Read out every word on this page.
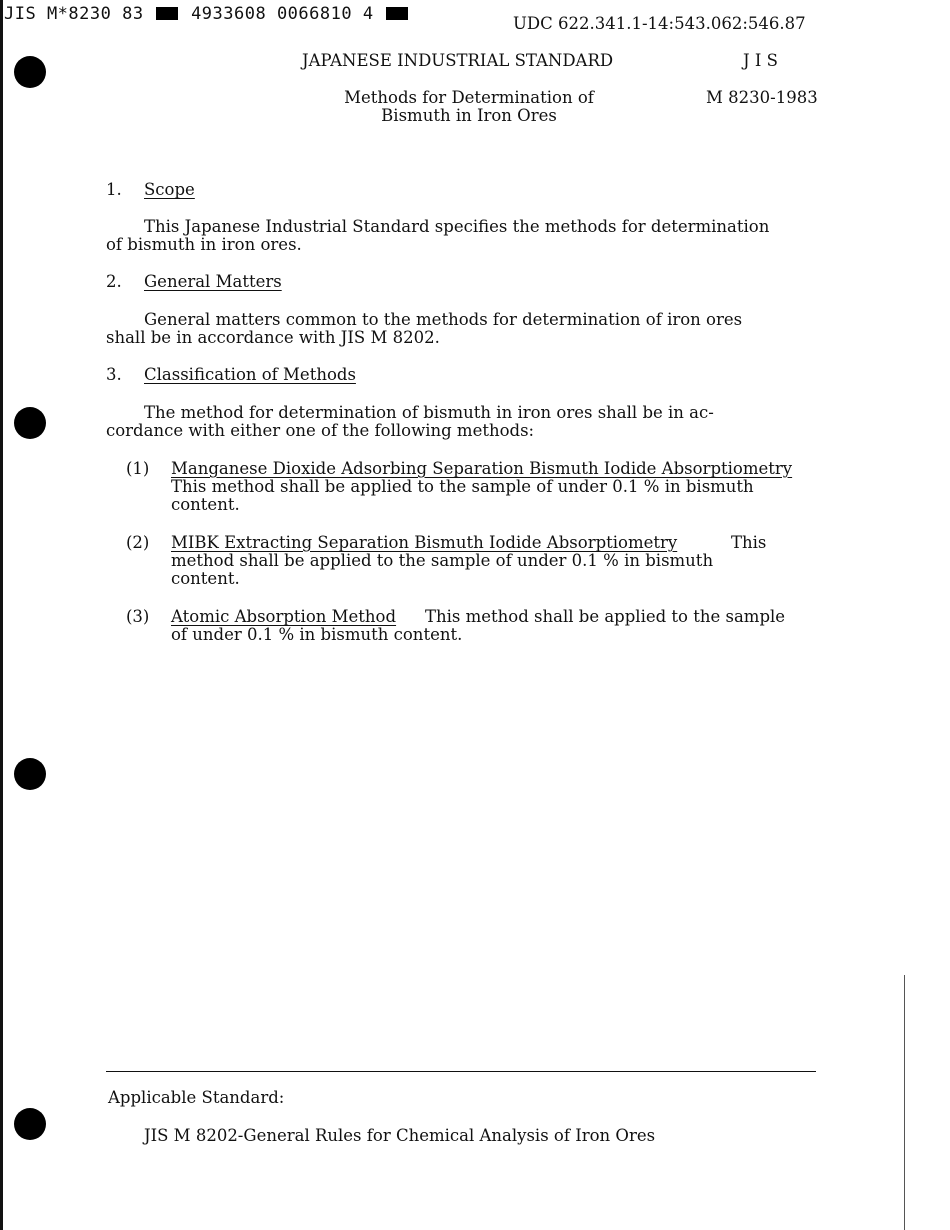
JIS M*8230 83	4933608 0066810 4	UDC 622.341.1-14:543.062:546.87
JAPANESE INDUSTRIAL STANDARD	J I S
Methods for Determination of
Bismuth in Iron Ores
M 8230-1983
1. Scope
This Japanese Industrial Standard specifies the methods for determination
of bismuth in iron ores.
2. General Matters
General matters common to the methods for determination of iron ores
shall be in accordance with JIS M 8202.
3. Classification of Methods
The method for determination of bismuth in iron ores shall be in ac-
cordance with either one of the following methods:
(1) Manganese Dioxide Adsorbing Separation Bismuth Iodide Absorptiometry
This method shall be applied to the sample of under 0.1 % in bismuth
content.
(2) MIBK Extracting Separation Bismuth Iodide Absorptiometry	This
method shall be applied to the sample of under 0.1 % in bismuth
content.
(3) Atomic Absorption Method This method shall be applied to the sample
of under 0.1 % in bismuth content.
Applicable Standard:
JIS M 8202-General Rules for Chemical Analysis of Iron Ores
